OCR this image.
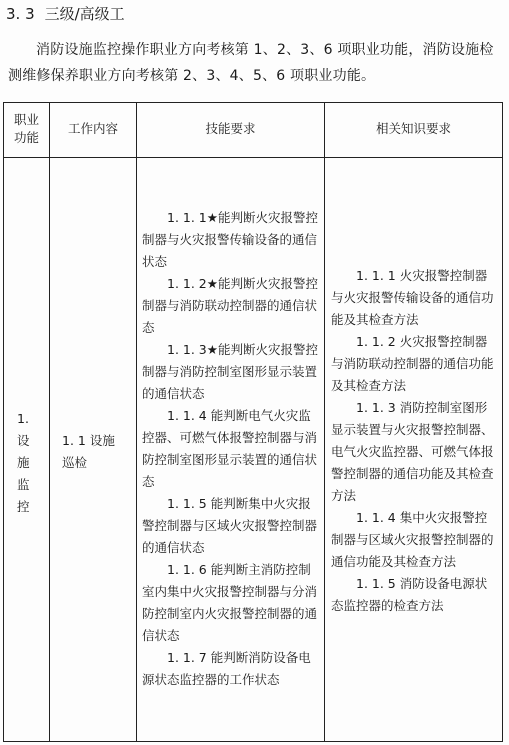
3. 3 三级/高级工
消防设施监控操作职业方向考核第 1、2、3、6 项职业功能，消防设施检测维修保养职业方向考核第 2、3、4、5、6 项职业功能。
职业
功能
工作内容	技能要求	相关知识要求
1.
设
施
监
控
1. 1 设施
巡检

1. 1. 1★能判断火灾报警控制器与火灾报警传输设备的通信状态

1. 1. 2★能判断火灾报警控制器与消防联动控制器的通信状态

1. 1. 3★能判断火灾报警控制器与消防控制室图形显示装置的通信状态

1. 1. 4 能判断电气火灾监控器、可燃气体报警控制器与消防控制室图形显示装置的通信状态

1. 1. 5 能判断集中火灾报警控制器与区域火灾报警控制器的通信状态

1. 1. 6 能判断主消防控制室内集中火灾报警控制器与分消防控制室内火灾报警控制器的通信状态

1. 1. 7 能判断消防设备电源状态监控器的工作状态

1. 1. 1 火灾报警控制器与火灾报警传输设备的通信功能及其检查方法

1. 1. 2 火灾报警控制器与消防联动控制器的通信功能及其检查方法

1. 1. 3 消防控制室图形显示装置与火灾报警控制器、电气火灾监控器、可燃气体报警控制器的通信功能及其检查方法

1. 1. 4 集中火灾报警控制器与区域火灾报警控制器的通信功能及其检查方法

1. 1. 5 消防设备电源状态监控器的检查方法
